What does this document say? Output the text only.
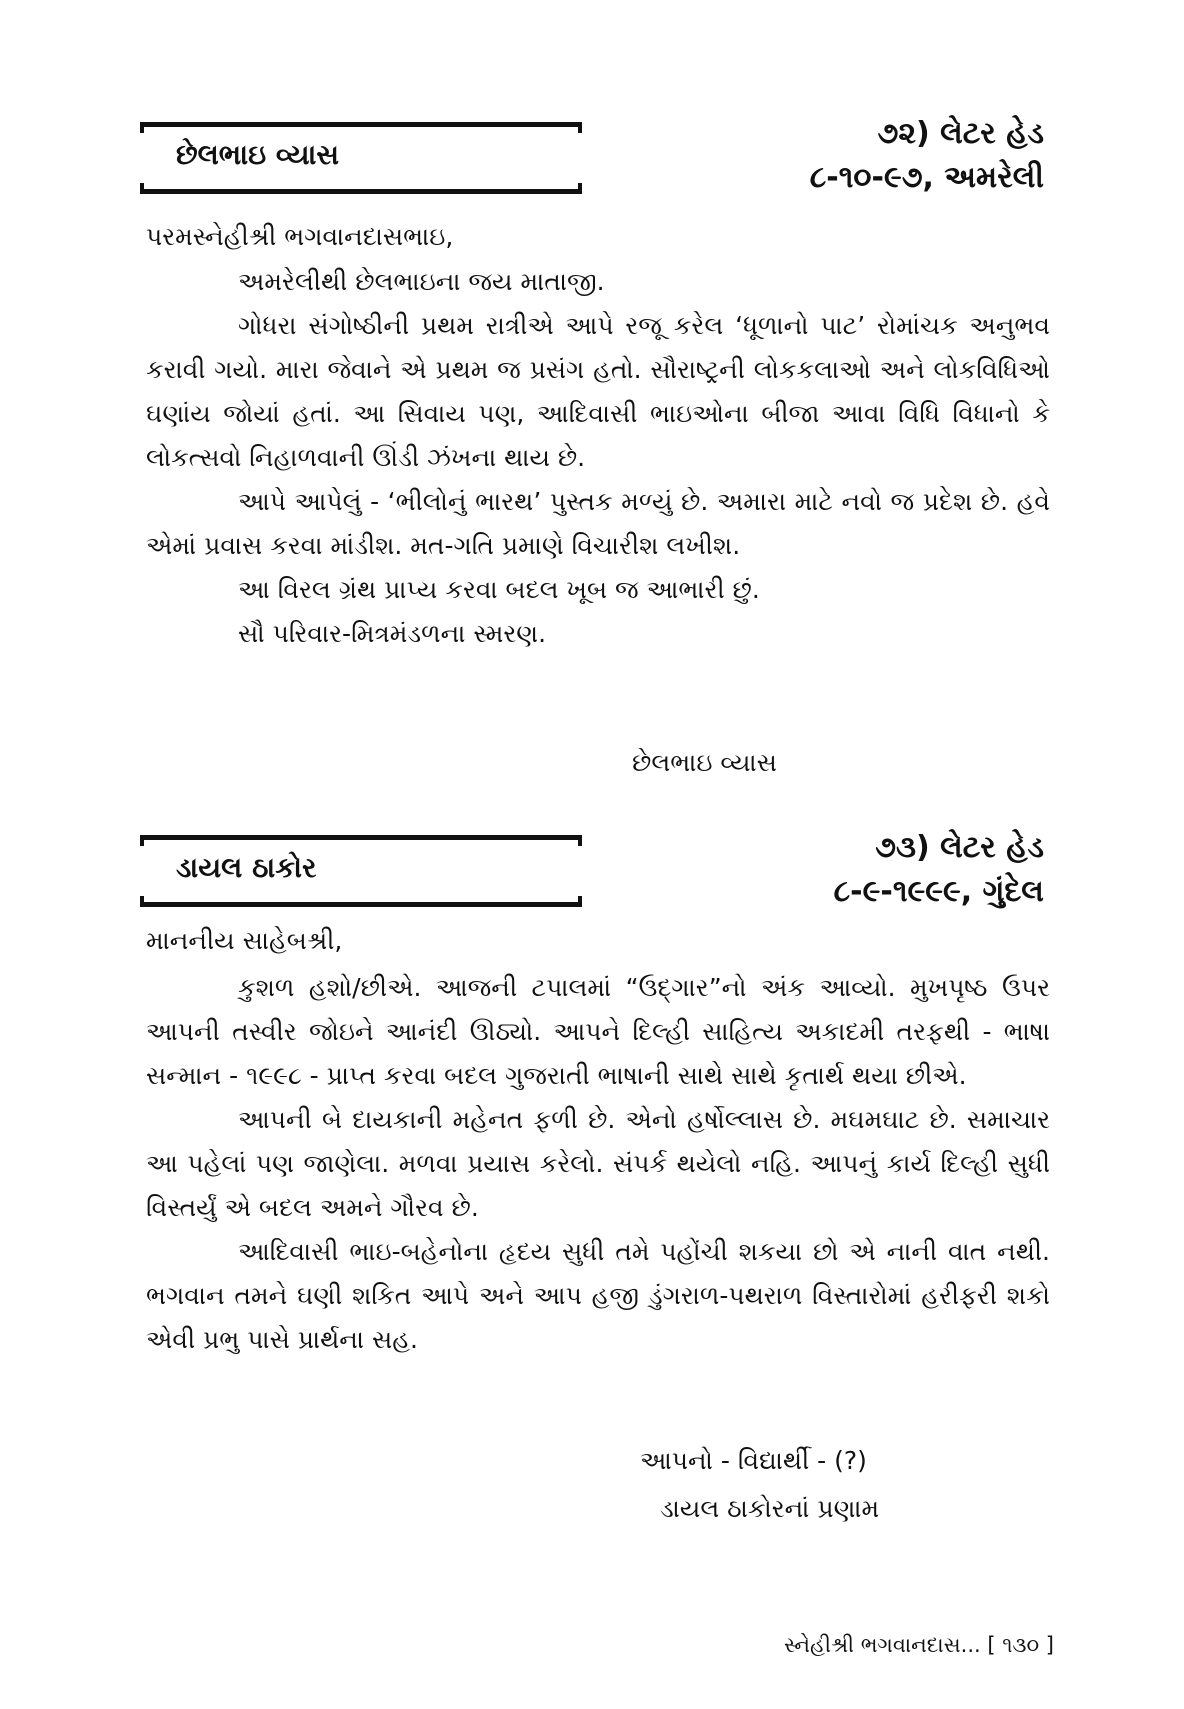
છેલભાઇ વ્યાસ
૭૨) લેટર હેડ
૮-૧૦-૯૭, અમરેલી
પરમસ્નેહીશ્રી ભગવાનદાસભાઇ,

અમરેલીથી છેલભાઇના જય માતાજી.

ગોધરા સંગોષ્ઠીની પ્રથમ રાત્રીએ આપે રજૂ કરેલ ‘ધૂળાનો પાટ’ રોમાંચક અનુભવ કરાવી ગયો. મારા જેવાને એ પ્રથમ જ પ્રસંગ હતો. સૌરાષ્ટ્રની લોકકલાઓ અને લોકવિધિઓ ઘણાંય જોયાં હતાં. આ સિવાય પણ, આદિવાસી ભાઇઓના બીજા આવા વિધિ વિધાનો કે લોકત્સવો નિહાળવાની ઊંડી ઝંખના થાય છે.

આપે આપેલું - ‘ભીલોનું ભારથ’ પુસ્તક મળ્યું છે. અમારા માટે નવો જ પ્રદેશ છે. હવે એમાં પ્રવાસ કરવા માંડીશ. મત-ગતિ પ્રમાણે વિચારીશ લખીશ.

આ વિરલ ગ્રંથ પ્રાપ્ય કરવા બદલ ખૂબ જ આભારી છું.

સૌ પરિવાર-મિત્રમંડળના સ્મરણ.

છેલભાઇ વ્યાસ
ડાયલ ઠાકોર
૭૩) લેટર હેડ
૮-૯-૧૯૯૯, ગુંદેલ
માનનીય સાહેબશ્રી,

કુશળ હશો/છીએ. આજની ટપાલમાં “ઉદ્‌ગાર”નો અંક આવ્યો. મુખપૃષ્ઠ ઉપર આપની તસ્વીર જોઇને આનંદી ઊઠ્યો. આપને દિલ્હી સાહિત્ય અકાદમી તરફથી - ભાષા સન્માન - ૧૯૯૮ - પ્રાપ્ત કરવા બદલ ગુજરાતી ભાષાની સાથે સાથે કૃતાર્થ થયા છીએ.

આપની બે દાયકાની મહેનત ફળી છે. એનો હર્ષોલ્લાસ છે. મઘમઘાટ છે. સમાચાર આ પહેલાં પણ જાણેલા. મળવા પ્રયાસ કરેલો. સંપર્ક થયેલો નહિ. આપનું કાર્ય દિલ્હી સુધી વિસ્તર્યું એ બદલ અમને ગૌરવ છે.

આદિવાસી ભાઇ-બહેનોના હૃદય સુધી તમે પહોંચી શકયા છો એ નાની વાત નથી. ભગવાન તમને ઘણી શકિત આપે અને આપ હજી ડુંગરાળ-પથરાળ વિસ્તારોમાં હરીફરી શકો એવી પ્રભુ પાસે પ્રાર્થના સહ.

આપનો - વિદ્યાર્થી - (?)
ડાયલ ઠાકોરનાં પ્રણામ
સ્નેહીશ્રી ભગવાનદાસ... [ ૧૩૦ ]
